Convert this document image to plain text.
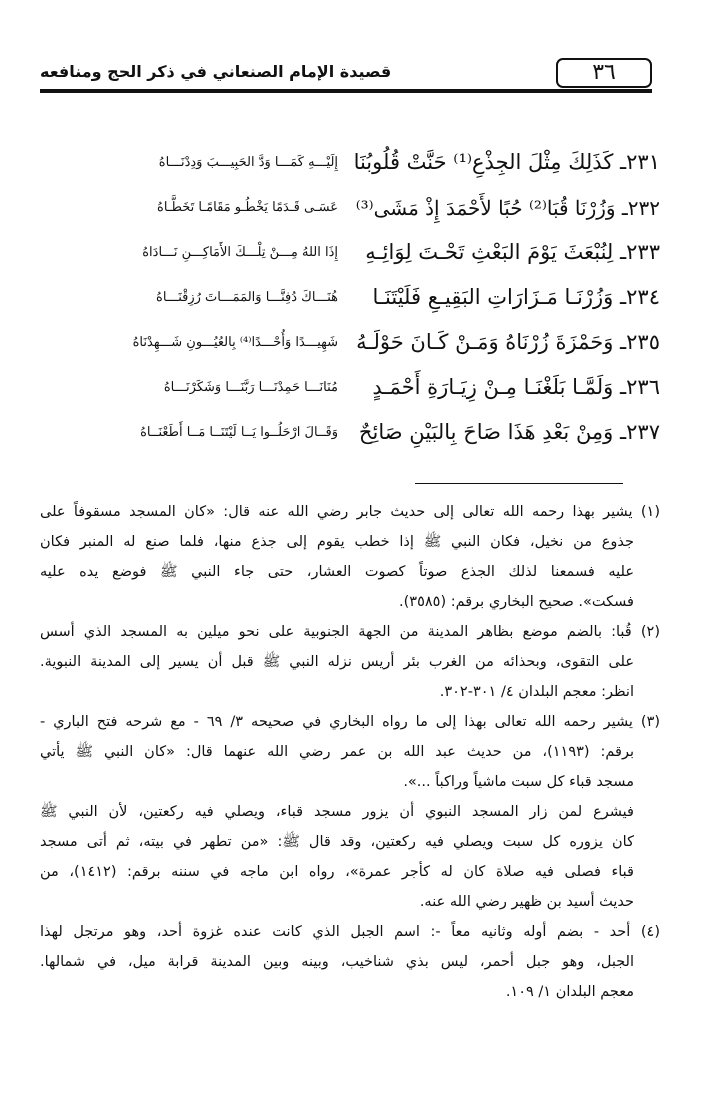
٣٦
قصيدة الإمام الصنعاني في ذكر الحج ومنافعه
٢٣١ـ كَذَلِكَ مِثْلَ الجِذْعِ⁽¹⁾ حَنَّتْ قُلُوبُنَا
إِلَيْـــهِ كَمَـــا وَدَّ الحَبِيـــبَ وَدِدْنَـــاهُ
٢٣٢ـ وَزُرْنَا قُبَا⁽²⁾ حُبًا لأَحْمَدَ إِذْ مَشَى⁽³⁾
عَسَـى قَـدَمًا يَخْطُـو مَقَامًـا تَخَطَّـاهُ
٢٣٣ـ لِنُبْعَثَ يَوْمَ البَعْثِ تَحْـتَ لِوَائِـهِ
إِذَا اللهُ مِـــنْ تِلْـــكَ الأَمَاكِـــنِ نَـــادَاهُ
٢٣٤ـ وَزُرْنَـا مَـزَارَاتِ البَقِيـعِ فَلَيْتَنَـا
هُنَـــاكَ دُفِنَّـــا وَالمَمَـــاتَ رُزِقْنَـــاهُ
٢٣٥ـ وَحَمْزَةَ زُرْنَاهُ وَمَـنْ كَـانَ حَوْلَـهُ
شَهِيـــدًا وَأُحْـــدًا⁽⁴⁾ بِالعُيُـــونِ شَـــهِدْنَاهُ
٢٣٦ـ وَلَمَّـا بَلَغْنَـا مِـنْ زِيَـارَةِ أَحْمَـدٍ
مُنَانَـــا حَمِدْنَـــا رَبَّنَـــا وَشَكَرْنَـــاهُ
٢٣٧ـ وَمِنْ بَعْدِ هَذَا صَاحَ بِالبَيْنِ صَائِحٌ
وَقَــالَ ارْحَلُــوا يَــا لَيْتَنَــا مَــا أَطَعْنَــاهُ
(١) يشير بهذا رحمه الله تعالى إلى حديث جابر رضي الله عنه قال: «كان المسجد مسقوفاً على
جذوع من نخيل، فكان النبي ﷺ إذا خطب يقوم إلى جذع منها، فلما صنع له المنبر فكان
عليه فسمعنا لذلك الجذع صوتاً كصوت العشار، حتى جاء النبي ﷺ فوضع يده عليه
فسكت». صحيح البخاري برقم: (٣٥٨٥).
(٢) قُبا: بالضم موضع بظاهر المدينة من الجهة الجنوبية على نحو ميلين به المسجد الذي أسس
على التقوى، وبحذائه من الغرب بئر أريس نزله النبي ﷺ قبل أن يسير إلى المدينة النبوية.
انظر: معجم البلدان ٤/ ٣٠١-٣٠٢.
(٣) يشير رحمه الله تعالى بهذا إلى ما رواه البخاري في صحيحه ٣/ ٦٩ - مع شرحه فتح الباري -
برقم: (١١٩٣)، من حديث عبد الله بن عمر رضي الله عنهما قال: «كان النبي ﷺ يأتي
مسجد قباء كل سبت ماشياً وراكباً ...».
فيشرع لمن زار المسجد النبوي أن يزور مسجد قباء، ويصلي فيه ركعتين، لأن النبي ﷺ
كان يزوره كل سبت ويصلي فيه ركعتين، وقد قال ﷺ: «من تطهر في بيته، ثم أتى مسجد
قباء فصلى فيه صلاة كان له كأجر عمرة»، رواه ابن ماجه في سننه برقم: (١٤١٢)، من
حديث أسيد بن ظهير رضي الله عنه.
(٤) أحد - بضم أوله وثانيه معاً -: اسم الجبل الذي كانت عنده غزوة أحد، وهو مرتجل لهذا
الجبل، وهو جبل أحمر، ليس بذي شناخيب، وبينه وبين المدينة قرابة ميل، في شمالها.
معجم البلدان ١/ ١٠٩.
